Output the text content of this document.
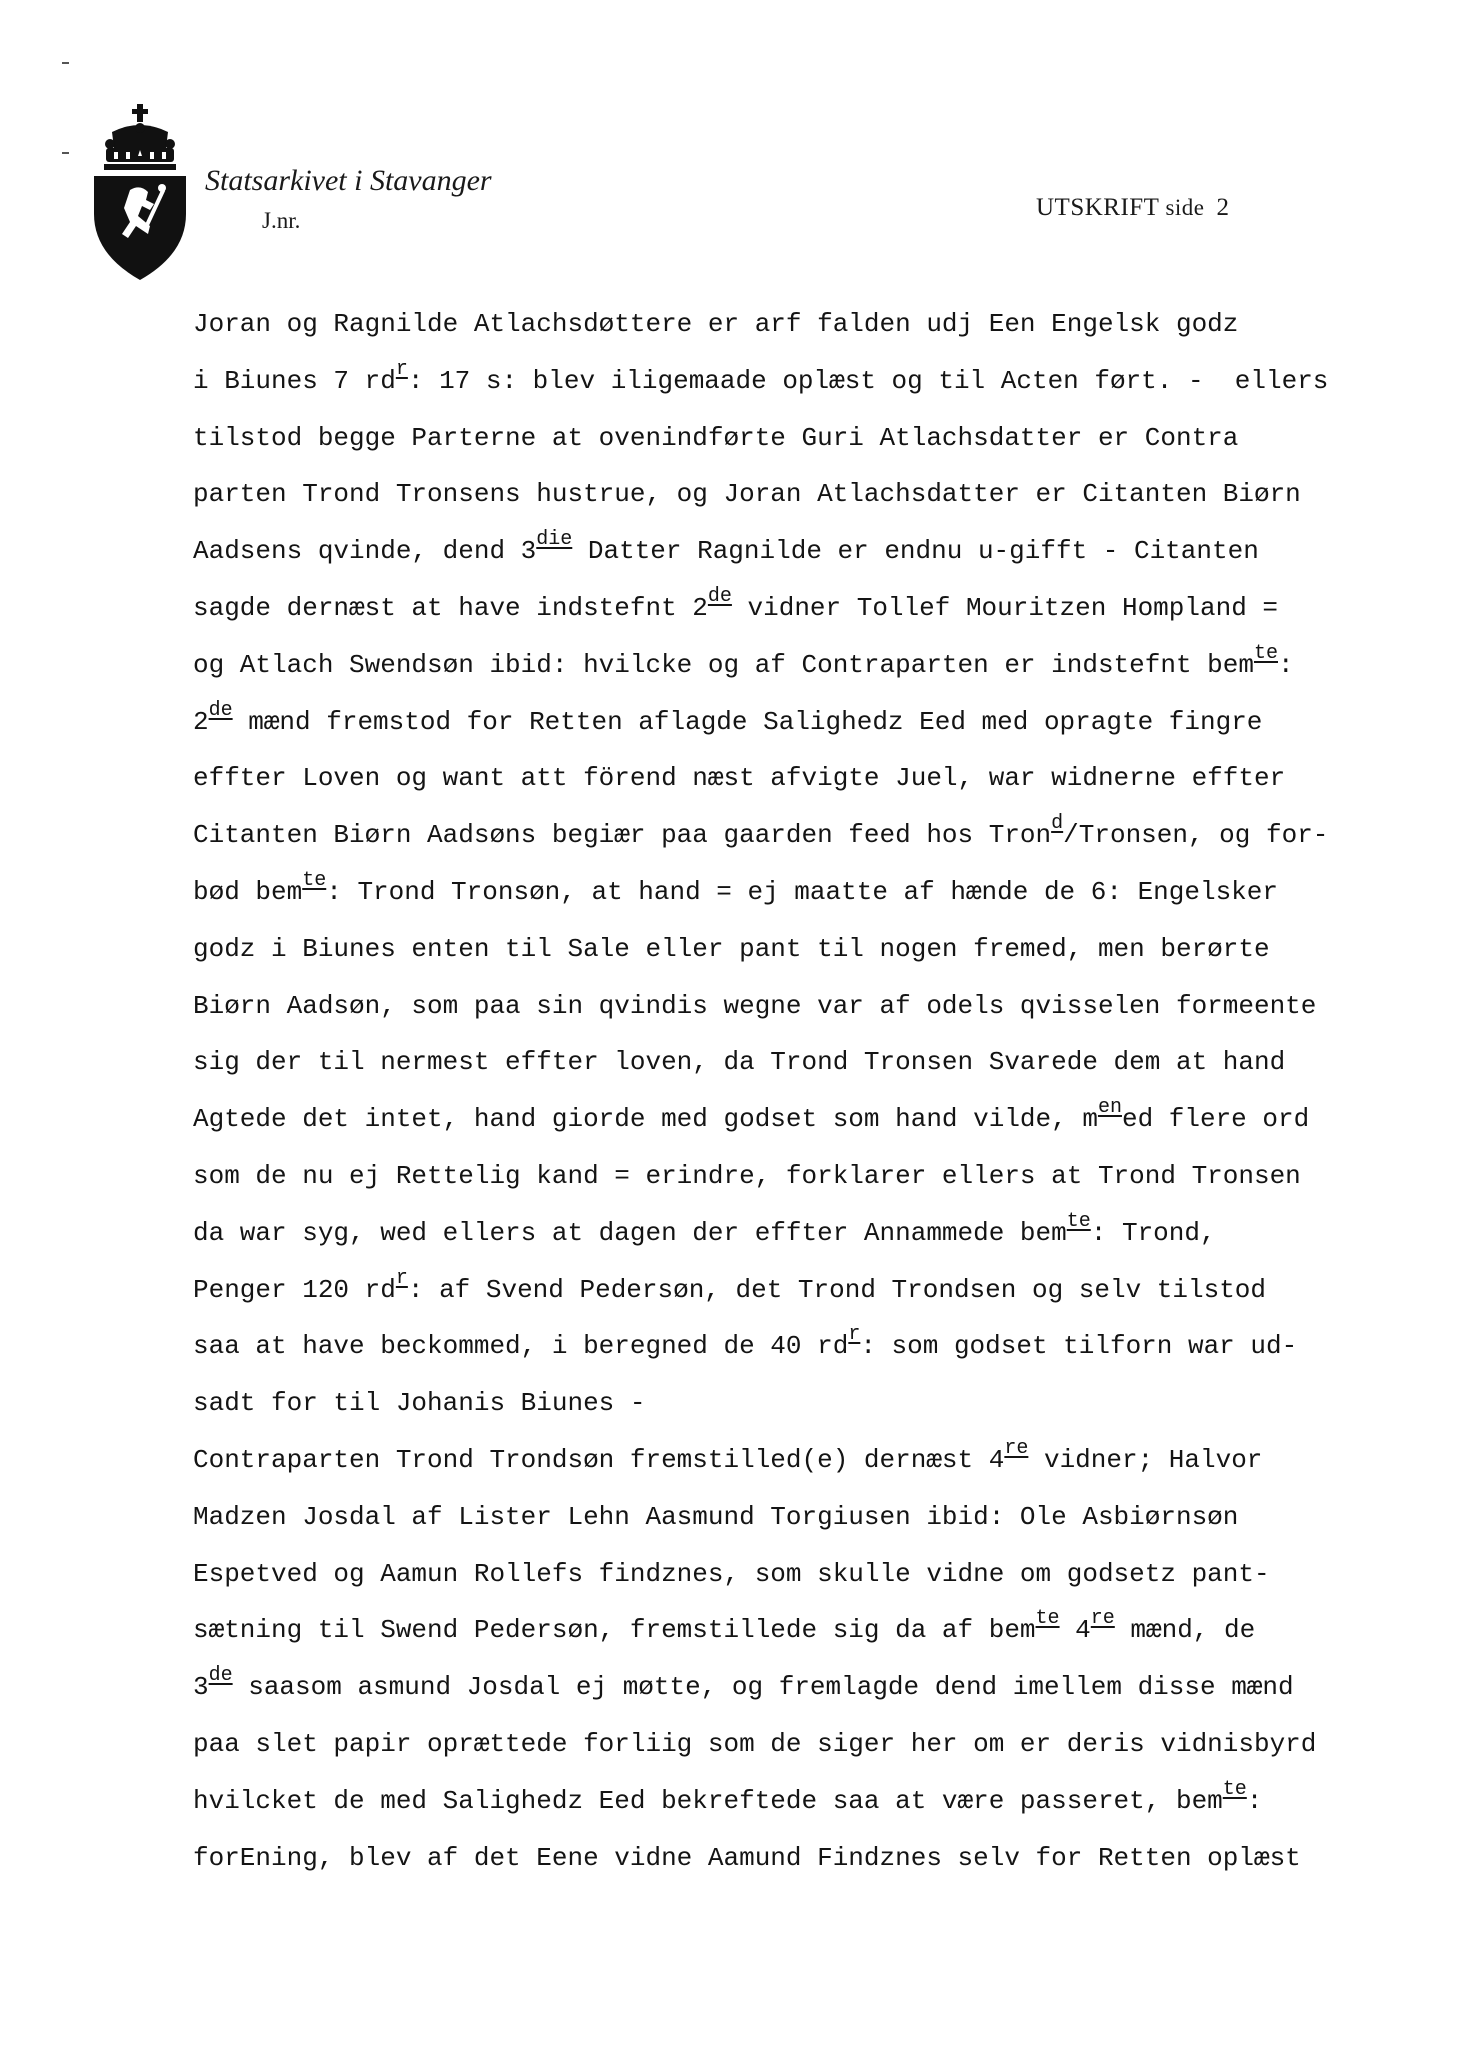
Statsarkivet i Stavanger
J.nr.	UTSKRIFT side 2
Joran og Ragnilde Atlachsdøttere er arf falden udj Een Engelsk godz
i Biunes 7 $rd^r$: 17 s: blev iligemaade oplæst og til Acten ført. -  ellers
tilstod begge Parterne at ovenindførte Guri Atlachsdatter er Contra
parten Trond Tronsens hustrue, og Joran Atlachsdatter er Citanten Biørn
Aadsens qvinde, dend $3^{die}$ Datter Ragnilde er endnu u-gifft - Citanten
sagde dernæst at have indstefnt 2de vidner Tollef Mouritzen Hompland =
og Atlach Swendsøn ibid: hvilcke og af Contraparten er indstefnt bem$^{te}$:
2de mænd fremstod for Retten aflagde Salighedz Eed med opragte fingre
effter Loven og want att förend næst afvigte Juel, war widnerne effter
Citanten Biørn Aadsøns begiær paa gaarden feed hos Tron$^d$/Tronsen, og for-
bød bem$^{te}$: Trond Tronsøn, at hand = ej maatte af hænde de 6: Engelsker
godz i Biunes enten til Sale eller pant til nogen fremed, men berørte
Biørn Aadsøn, som paa sin qvindis wegne var af odels qvisselen formeente
sig der til nermest effter loven, da Trond Tronsen Svarede dem at hand
Agtede det intet, hand giorde med godset som hand vilde, $m^{en}ed$ flere ord
som de nu ej Rettelig kand = erindre, forklarer ellers at Trond Tronsen
da war syg, wed ellers at dagen der effter Annammede bem$^{te}$: Trond,
Penger 120 $rd^r$: af Svend Pedersøn, det Trond Trondsen og selv tilstod
saa at have beckommed, i beregned de 40 $rd^r$: som godset tilforn war ud-
sadt for til Johanis Biunes -
Contraparten Trond Trondsøn fremstilled(e) dernæst 4re vidner; Halvor
Madzen Josdal af Lister Lehn Aasmund Torgiusen ibid: Ole Asbiørnsøn
Espetved og Aamun Rollefs findznes, som skulle vidne om godsetz pant-
sætning til Swend Pedersøn, fremstillede sig da af bem$^{te}$ 4re mænd, de
3de saasom asmund Josdal ej møtte, og fremlagde dend imellem disse mænd
paa slet papir oprættede forliig som de siger her om er deris vidnisbyrd
hvilcket de med Salighedz Eed bekreftede saa at være passeret, bem$^{te}$:
forEning, blev af det Eene vidne Aamund Findznes selv for Retten oplæst
